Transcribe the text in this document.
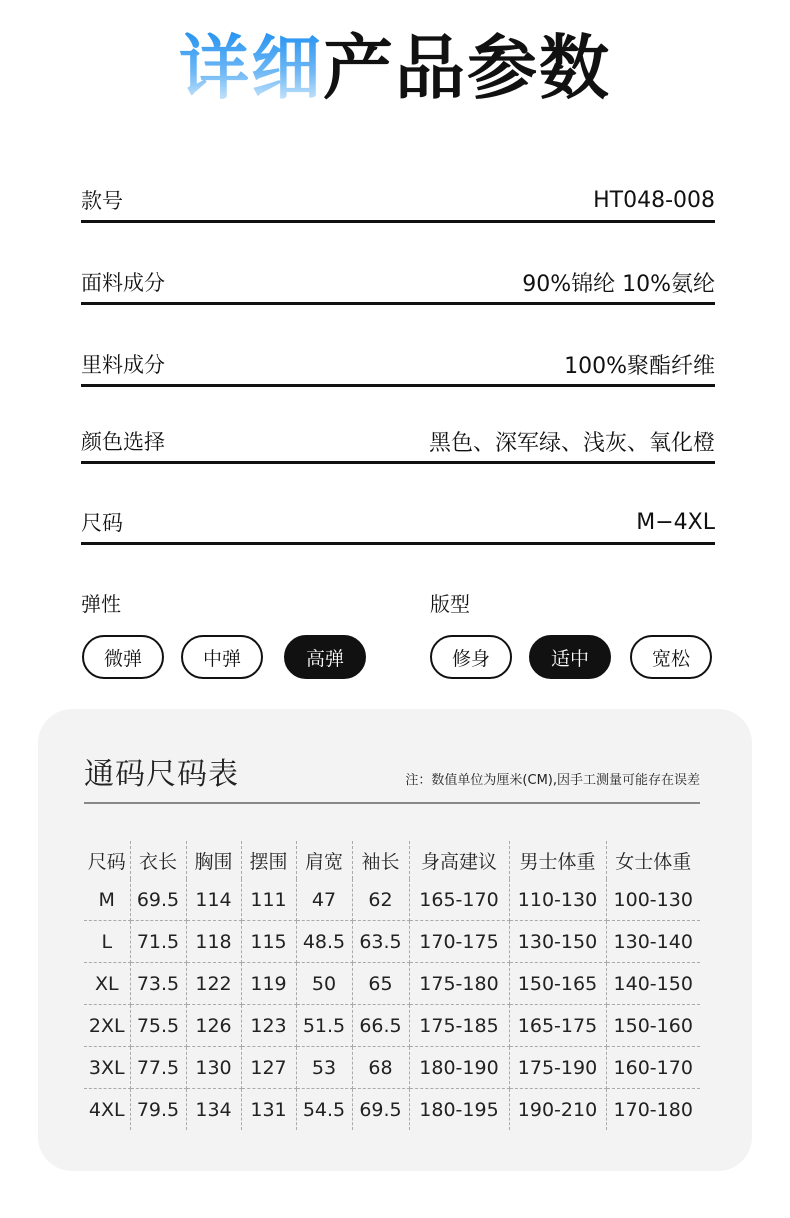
详细产品参数
款号	HT048-008
面料成分	90%锦纶 10%氨纶
里料成分	100%聚酯纤维
颜色选择	黑色、深军绿、浅灰、氧化橙
尺码	M−4XL
弹性	版型
微弹	中弹	高弹	修身	适中	宽松
通码尺码表	注：数值单位为厘米(CM),因手工测量可能存在误差
尺码	衣长	胸围	摆围	肩宽	袖长	身高建议	男士体重	女士体重
M	69.5	114	111	47	62	165-170	110-130	100-130
L	71.5	118	115	48.5	63.5	170-175	130-150	130-140
XL	73.5	122	119	50	65	175-180	150-165	140-150
2XL	75.5	126	123	51.5	66.5	175-185	165-175	150-160
3XL	77.5	130	127	53	68	180-190	175-190	160-170
4XL	79.5	134	131	54.5	69.5	180-195	190-210	170-180
